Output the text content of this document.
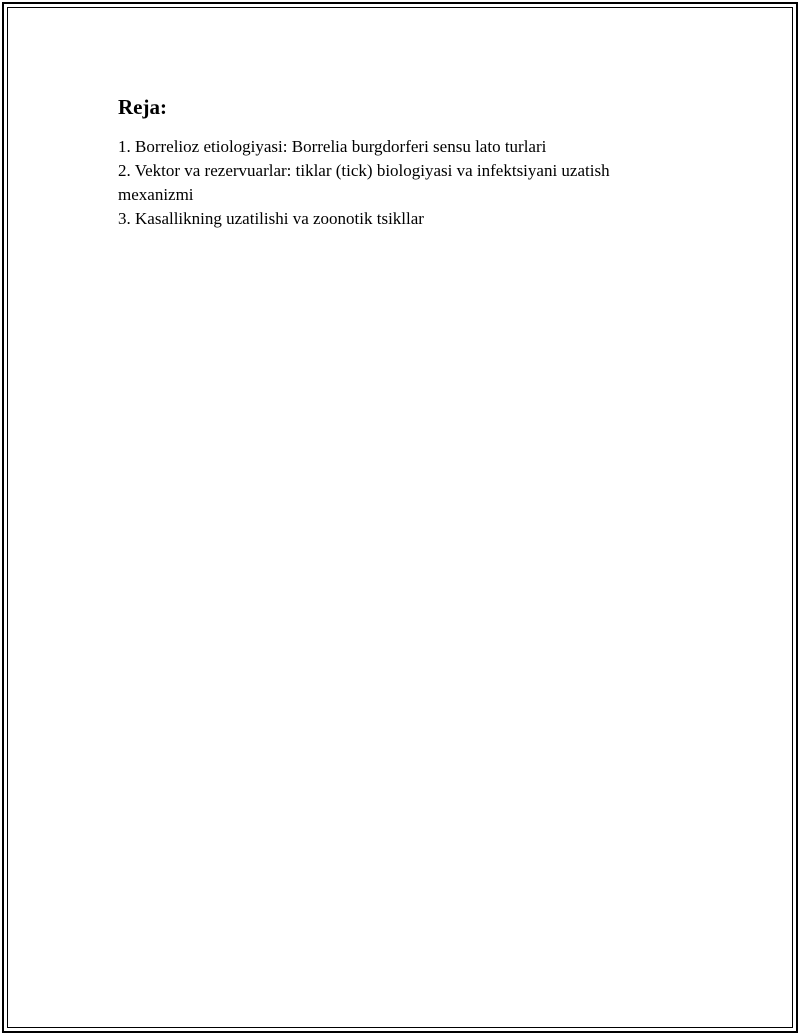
Reja:
1. Borrelioz etiologiyasi: Borrelia burgdorferi sensu lato turlari
2. Vektor va rezervuarlar: tiklar (tick) biologiyasi va infektsiyani uzatish mexanizmi
3. Kasallikning uzatilishi va zoonotik tsikllar
